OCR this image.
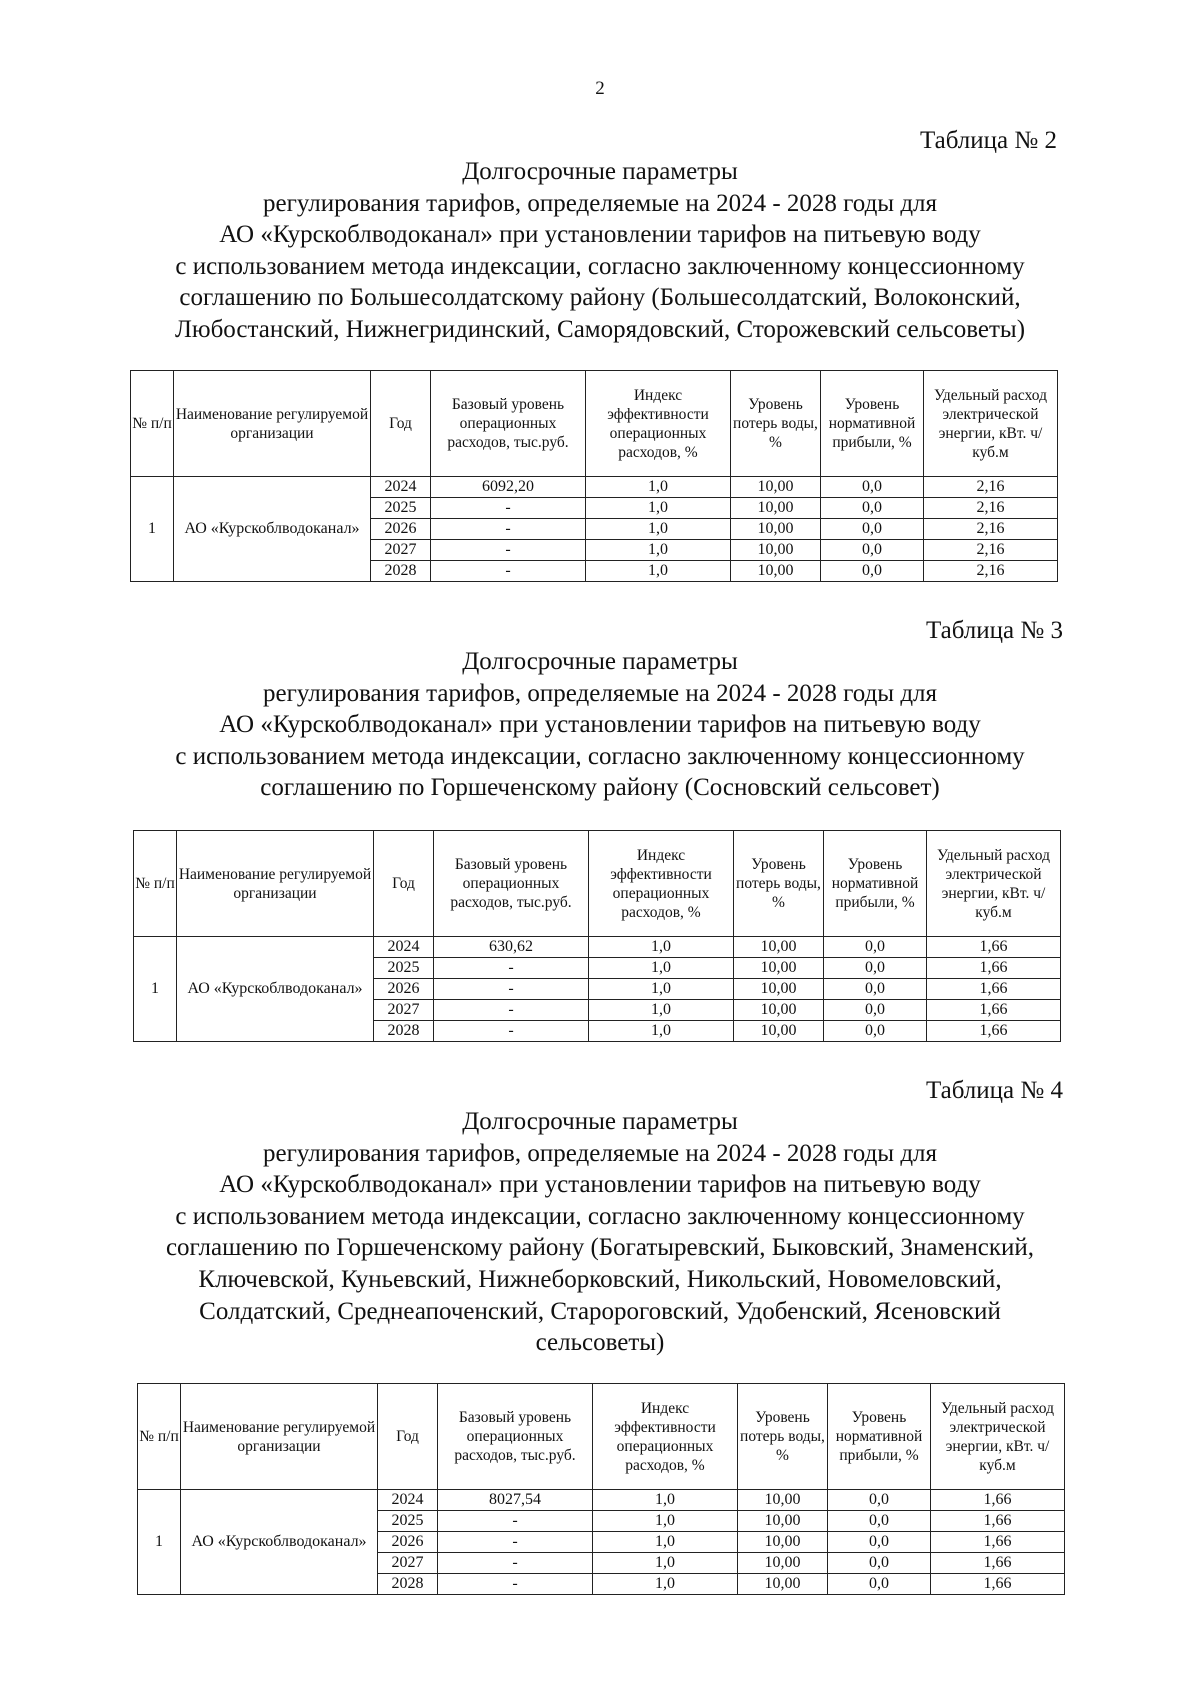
2
Таблица № 2
Долгосрочные параметры
регулирования тарифов, определяемые на 2024 - 2028 годы для
АО «Курскоблводоканал» при установлении тарифов на питьевую воду
с использованием метода индексации, согласно заключенному концессионному
соглашению по Большесолдатскому району (Большесолдатский, Волоконский,
Любостанский, Нижнегридинский, Саморядовский, Сторожевский сельсоветы)
№ п/п	Наименование регулируемой организации	Год	Базовый уровень операционных расходов, тыс.руб.	Индекс эффективности операционных расходов, %	Уровень потерь воды, %	Уровень нормативной прибыли, %	Удельный расход электрической энергии, кВт. ч/куб.м
1	АО «Курскоблводоканал»	2024	6092,20	1,0	10,00	0,0	2,16
		2025	-	1,0	10,00	0,0	2,16
		2026	-	1,0	10,00	0,0	2,16
		2027	-	1,0	10,00	0,0	2,16
		2028	-	1,0	10,00	0,0	2,16
Таблица № 3
Долгосрочные параметры
регулирования тарифов, определяемые на 2024 - 2028 годы для
АО «Курскоблводоканал» при установлении тарифов на питьевую воду
с использованием метода индексации, согласно заключенному концессионному
соглашению по Горшеченскому району (Сосновский сельсовет)
№ п/п	Наименование регулируемой организации	Год	Базовый уровень операционных расходов, тыс.руб.	Индекс эффективности операционных расходов, %	Уровень потерь воды, %	Уровень нормативной прибыли, %	Удельный расход электрической энергии, кВт. ч/куб.м
1	АО «Курскоблводоканал»	2024	630,62	1,0	10,00	0,0	1,66
		2025	-	1,0	10,00	0,0	1,66
		2026	-	1,0	10,00	0,0	1,66
		2027	-	1,0	10,00	0,0	1,66
		2028	-	1,0	10,00	0,0	1,66
Таблица № 4
Долгосрочные параметры
регулирования тарифов, определяемые на 2024 - 2028 годы для
АО «Курскоблводоканал» при установлении тарифов на питьевую воду
с использованием метода индексации, согласно заключенному концессионному
соглашению по Горшеченскому району (Богатыревский, Быковский, Знаменский,
Ключевской, Куньевский, Нижнеборковский, Никольский, Новомеловский,
Солдатский, Среднеапоченский, Старороговский, Удобенский, Ясеновский
сельсоветы)
№ п/п	Наименование регулируемой организации	Год	Базовый уровень операционных расходов, тыс.руб.	Индекс эффективности операционных расходов, %	Уровень потерь воды, %	Уровень нормативной прибыли, %	Удельный расход электрической энергии, кВт. ч/куб.м
1	АО «Курскоблводоканал»	2024	8027,54	1,0	10,00	0,0	1,66
		2025	-	1,0	10,00	0,0	1,66
		2026	-	1,0	10,00	0,0	1,66
		2027	-	1,0	10,00	0,0	1,66
		2028	-	1,0	10,00	0,0	1,66
